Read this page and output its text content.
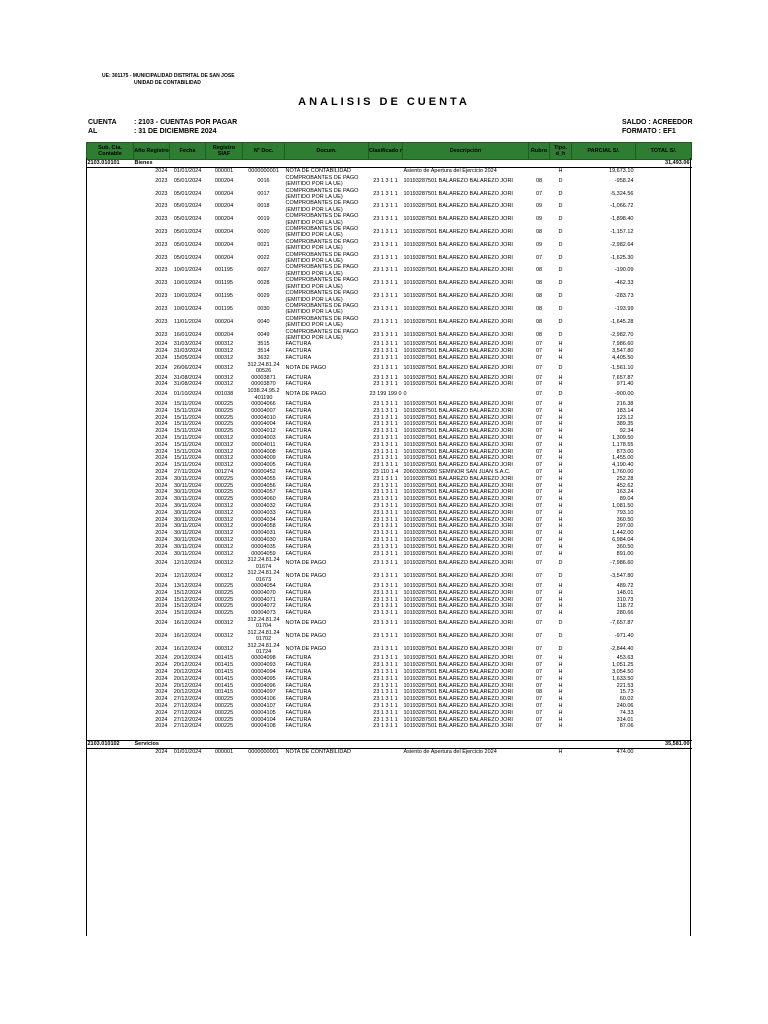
UE: 301175 - MUNICIPALIDAD DISTRITAL DE SAN JOSE
UNIDAD DE CONTABILIDAD
ANALISIS DE CUENTA
CUENTA : 2103 - CUENTAS POR PAGAR
AL	: 31 DE DICIEMBRE 2024
SALDO : ACREEDOR
FORMATO : EF1
Sub. Cta. Contable	Año Registro	Fecha	Registro SIAF	N° Doc.	Docum.	Clasificado r	Descripción	Rubro	Tipo. d_h	PARCIAL S/.	TOTAL S/.
2103.010101	Bienes										31,493.06
	2024	01/01/2024	000001	0000000001	NOTA DE CONTABILIDAD		Asiento de Apertura del Ejercicio 2024		H	19,673.10	
	2023	05/01/2024	000204	0016	COMPROBANTES DE PAGO (EMITIDO POR LA UE)	23 1 3 1 1	10193287501 BALAREZO BALAREZO JORI	08	D	-958.24	
	2023	05/01/2024	000204	0017	COMPROBANTES DE PAGO (EMITIDO POR LA UE)	23 1 3 1 1	10193287501 BALAREZO BALAREZO JORI	07	D	-5,324.56	
	2023	05/01/2024	000204	0018	COMPROBANTES DE PAGO (EMITIDO POR LA UE)	23 1 3 1 1	10193287501 BALAREZO BALAREZO JORI	09	D	-1,066.72	
	2023	05/01/2024	000204	0019	COMPROBANTES DE PAGO (EMITIDO POR LA UE)	23 1 3 1 1	10193287501 BALAREZO BALAREZO JORI	09	D	-1,898.40	
	2023	05/01/2024	000204	0020	COMPROBANTES DE PAGO (EMITIDO POR LA UE)	23 1 3 1 1	10193287501 BALAREZO BALAREZO JORI	08	D	-1,157.12	
	2023	05/01/2024	000204	0021	COMPROBANTES DE PAGO (EMITIDO POR LA UE)	23 1 3 1 1	10193287501 BALAREZO BALAREZO JORI	09	D	-2,982.64	
	2023	05/01/2024	000204	0022	COMPROBANTES DE PAGO (EMITIDO POR LA UE)	23 1 3 1 1	10193287501 BALAREZO BALAREZO JORI	07	D	-1,625.30	
	2023	10/01/2024	001195	0027	COMPROBANTES DE PAGO (EMITIDO POR LA UE)	23 1 3 1 1	10193287501 BALAREZO BALAREZO JORI	08	D	-190.09	
	2023	10/01/2024	001195	0028	COMPROBANTES DE PAGO (EMITIDO POR LA UE)	23 1 3 1 1	10193287501 BALAREZO BALAREZO JORI	08	D	-462.33	
	2023	10/01/2024	001195	0029	COMPROBANTES DE PAGO (EMITIDO POR LA UE)	23 1 3 1 1	10193287501 BALAREZO BALAREZO JORI	08	D	-283.73	
	2023	10/01/2024	001195	0030	COMPROBANTES DE PAGO (EMITIDO POR LA UE)	23 1 3 1 1	10193287501 BALAREZO BALAREZO JORI	08	D	-193.99	
	2023	11/01/2024	000204	0040	COMPROBANTES DE PAGO (EMITIDO POR LA UE)	23 1 3 1 1	10193287501 BALAREZO BALAREZO JORI	08	D	-1,645.28	
	2023	16/01/2024	000204	0049	COMPROBANTES DE PAGO (EMITIDO POR LA UE)	23 1 3 1 1	10193287501 BALAREZO BALAREZO JORI	08	D	-2,982.70	
	2024	31/03/2024	000312	3515	FACTURA	23 1 3 1 1	10193287501 BALAREZO BALAREZO JORI	07	H	7,986.60	
	2024	31/03/2024	000312	3514	FACTURA	23 1 3 1 1	10193287501 BALAREZO BALAREZO JORI	07	H	3,547.80	
	2024	15/05/2024	000312	3632	FACTURA	23 1 3 1 1	10193287501 BALAREZO BALAREZO JORI	07	H	4,405.50	
	2024	26/06/2024	000312	312.24.81.24 00526	NOTA DE PAGO	23 1 3 1 1	10193287501 BALAREZO BALAREZO JORI	07	D	-1,561.10	
	2024	31/08/2024	000312	00003871	FACTURA	23 1 3 1 1	10193287501 BALAREZO BALAREZO JORI	07	H	7,657.87	
	2024	31/08/2024	000312	00003870	FACTURA	23 1 3 1 1	10193287501 BALAREZO BALAREZO JORI	07	H	971.40	
	2024	01/10/2024	001038	1038.24.95.2 401190	NOTA DE PAGO	23 199 199 0	0	07	D	-900.00	
	2024	15/11/2024	000225	00004066	FACTURA	23 1 3 1 1	10193287501 BALAREZO BALAREZO JORI	07	H	216.38	
	2024	15/11/2024	000225	00004007	FACTURA	23 1 3 1 1	10193287501 BALAREZO BALAREZO JORI	07	H	183.14	
	2024	15/11/2024	000225	00004010	FACTURA	23 1 3 1 1	10193287501 BALAREZO BALAREZO JORI	07	H	123.12	
	2024	15/11/2024	000225	00004004	FACTURA	23 1 3 1 1	10193287501 BALAREZO BALAREZO JORI	07	H	389.35	
	2024	15/11/2024	000225	00004012	FACTURA	23 1 3 1 1	10193287501 BALAREZO BALAREZO JORI	07	H	92.34	
	2024	15/11/2024	000312	00004003	FACTURA	23 1 3 1 1	10193287501 BALAREZO BALAREZO JORI	07	H	1,309.50	
	2024	15/11/2024	000312	00004011	FACTURA	23 1 3 1 1	10193287501 BALAREZO BALAREZO JORI	07	H	1,178.55	
	2024	15/11/2024	000312	00004008	FACTURA	23 1 3 1 1	10193287501 BALAREZO BALAREZO JORI	07	H	873.00	
	2024	15/11/2024	000312	00004009	FACTURA	23 1 3 1 1	10193287501 BALAREZO BALAREZO JORI	07	H	1,455.00	
	2024	15/11/2024	000312	00004005	FACTURA	23 1 3 1 1	10193287501 BALAREZO BALAREZO JORI	07	H	4,190.40	
	2024	27/11/2024	001274	00000452	FACTURA	23 110 1 4	20603300280 SEMINOR SAN JUAN S.A.C.	07	H	1,760.00	
	2024	30/11/2024	000225	00004055	FACTURA	23 1 3 1 1	10193287501 BALAREZO BALAREZO JORI	07	H	252.28	
	2024	30/11/2024	000225	00004056	FACTURA	23 1 3 1 1	10193287501 BALAREZO BALAREZO JORI	07	H	452.62	
	2024	30/11/2024	000225	00004057	FACTURA	23 1 3 1 1	10193287501 BALAREZO BALAREZO JORI	07	H	163.24	
	2024	30/11/2024	000225	00004060	FACTURA	23 1 3 1 1	10193287501 BALAREZO BALAREZO JORI	07	H	89.04	
	2024	30/11/2024	000312	00004032	FACTURA	23 1 3 1 1	10193287501 BALAREZO BALAREZO JORI	07	H	1,081.50	
	2024	30/11/2024	000312	00004033	FACTURA	23 1 3 1 1	10193287501 BALAREZO BALAREZO JORI	07	H	793.10	
	2024	30/11/2024	000312	00004034	FACTURA	23 1 3 1 1	10193287501 BALAREZO BALAREZO JORI	07	H	360.50	
	2024	30/11/2024	000312	00004058	FACTURA	23 1 3 1 1	10193287501 BALAREZO BALAREZO JORI	07	H	297.00	
	2024	30/11/2024	000312	00004031	FACTURA	23 1 3 1 1	10193287501 BALAREZO BALAREZO JORI	07	H	1,442.00	
	2024	30/11/2024	000312	00004030	FACTURA	23 1 3 1 1	10193287501 BALAREZO BALAREZO JORI	07	H	6,984.04	
	2024	30/11/2024	000312	00004035	FACTURA	23 1 3 1 1	10193287501 BALAREZO BALAREZO JORI	07	H	360.50	
	2024	30/11/2024	000312	00004059	FACTURA	23 1 3 1 1	10193287501 BALAREZO BALAREZO JORI	07	H	891.00	
	2024	12/12/2024	000312	312.24.81.24 01674	NOTA DE PAGO	23 1 3 1 1	10193287501 BALAREZO BALAREZO JORI	07	D	-7,986.60	
	2024	12/12/2024	000312	312.24.81.24 01673	NOTA DE PAGO	23 1 3 1 1	10193287501 BALAREZO BALAREZO JORI	07	D	-3,547.80	
	2024	13/12/2024	000225	00004054	FACTURA	23 1 3 1 1	10193287501 BALAREZO BALAREZO JORI	07	H	489.72	
	2024	15/12/2024	000225	00004070	FACTURA	23 1 3 1 1	10193287501 BALAREZO BALAREZO JORI	07	H	148.01	
	2024	15/12/2024	000225	00004071	FACTURA	23 1 3 1 1	10193287501 BALAREZO BALAREZO JORI	07	H	310.73	
	2024	15/12/2024	000225	00004072	FACTURA	23 1 3 1 1	10193287501 BALAREZO BALAREZO JORI	07	H	118.72	
	2024	15/12/2024	000225	00004073	FACTURA	23 1 3 1 1	10193287501 BALAREZO BALAREZO JORI	07	H	280.66	
	2024	16/12/2024	000312	312.24.81.24 01704	NOTA DE PAGO	23 1 3 1 1	10193287501 BALAREZO BALAREZO JORI	07	D	-7,657.87	
	2024	16/12/2024	000312	312.24.81.24 01702	NOTA DE PAGO	23 1 3 1 1	10193287501 BALAREZO BALAREZO JORI	07	D	-971.40	
	2024	16/12/2024	000312	312.24.81.24 01724	NOTA DE PAGO	23 1 3 1 1	10193287501 BALAREZO BALAREZO JORI	07	D	-2,844.40	
	2024	20/12/2024	001415	00004098	FACTURA	23 1 3 1 1	10193287501 BALAREZO BALAREZO JORI	07	H	453.63	
	2024	20/12/2024	001415	00004093	FACTURA	23 1 3 1 1	10193287501 BALAREZO BALAREZO JORI	07	H	1,051.25	
	2024	20/12/2024	001415	00004094	FACTURA	23 1 3 1 1	10193287501 BALAREZO BALAREZO JORI	07	H	3,054.50	
	2024	20/12/2024	001415	00004095	FACTURA	23 1 3 1 1	10193287501 BALAREZO BALAREZO JORI	07	H	1,633.50	
	2024	20/12/2024	001415	00004096	FACTURA	23 1 3 1 1	10193287501 BALAREZO BALAREZO JORI	07	H	221.53	
	2024	20/12/2024	001415	00004097	FACTURA	23 1 3 1 1	10193287501 BALAREZO BALAREZO JORI	08	H	15.73	
	2024	27/12/2024	000225	00004106	FACTURA	23 1 3 1 1	10193287501 BALAREZO BALAREZO JORI	07	H	60.02	
	2024	27/12/2024	000225	00004107	FACTURA	23 1 3 1 1	10193287501 BALAREZO BALAREZO JORI	07	H	240.06	
	2024	27/12/2024	000225	00004105	FACTURA	23 1 3 1 1	10193287501 BALAREZO BALAREZO JORI	07	H	74.33	
	2024	27/12/2024	000225	00004104	FACTURA	23 1 3 1 1	10193287501 BALAREZO BALAREZO JORI	07	H	314.01	
	2024	27/12/2024	000225	00004108	FACTURA	23 1 3 1 1	10193287501 BALAREZO BALAREZO JORI	07	H	87.06	

2103.010102	Servicios										35,581.00
	2024	01/01/2024	000001	0000000001	NOTA DE CONTABILIDAD		Asiento de Apertura del Ejercicio 2024		H	474.00	
